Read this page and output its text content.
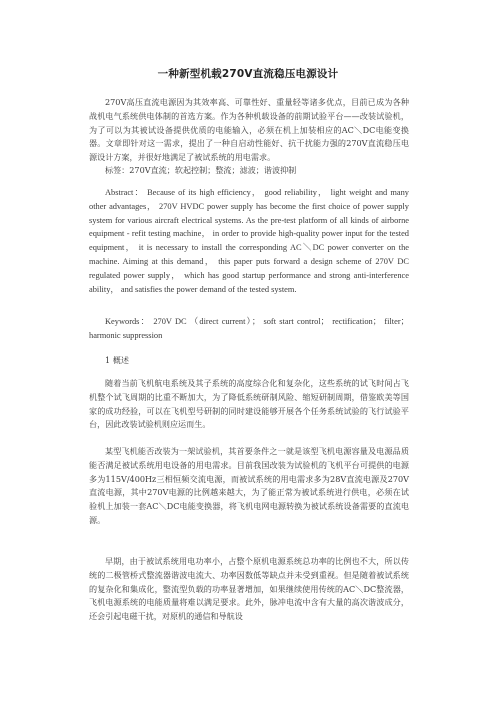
一种新型机载270V直流稳压电源设计

270V高压直流电源因为其效率高、可靠性好、重量轻等诸多优点，目前已成为各种战机电气系统供电体制的首选方案。作为各种机载设备的前期试验平台——改装试验机，为了可以为其被试设备提供优质的电能输入，必须在机上加装相应的AC＼DC电能变换器。文章即针对这一需求，提出了一种自启动性能好、抗干扰能力强的270V直流稳压电源设计方案，并很好地满足了被试系统的用电需求。

标签：270V直流；软起控制；整流；滤波；谐波抑制

Abstract： Because of its high efficiency， good reliability， light weight and many other advantages， 270V HVDC power supply has become the first choice of power supply system for various aircraft electrical systems. As the pre-test platform of all kinds of airborne equipment - refit testing machine， in order to provide high-quality power input for the tested equipment， it is necessary to install the corresponding AC＼DC power converter on the machine. Aiming at this demand， this paper puts forward a design scheme of 270V DC regulated power supply， which has good startup performance and strong anti-interference ability， and satisfies the power demand of the tested system.

Keywords： 270V DC （direct current）； soft start control； rectification； filter； harmonic suppression

1 概述

随着当前飞机航电系统及其子系统的高度综合化和复杂化，这些系统的试飞时间占飞机整个试飞周期的比重不断加大，为了降低系统研制风险、缩短研制周期，借鉴欧美等国家的成功经验，可以在飞机型号研制的同时建设能够开展各个任务系统试验的飞行试验平台，因此改装试验机则应运而生。

某型飞机能否改装为一架试验机，其首要条件之一就是该型飞机电源容量及电源品质能否满足被试系统用电设备的用电需求。目前我国改装为试验机的飞机平台可提供的电源多为115V/400Hz三相恒频交流电源，而被试系统的用电需求多为28V直流电源及270V直流电源，其中270V电源的比例越来越大，为了能正常为被试系统进行供电，必须在试验机上加装一套AC＼DC电能变换器，将飞机电网电源转换为被试系统设备需要的直流电源。

早期，由于被试系统用电功率小，占整个原机电源系统总功率的比例也不大，所以传统的二极管桥式整流器谐波电流大、功率因数低等缺点并未受到重视。但是随着被试系统的复杂化和集成化，整流型负载的功率显著增加，如果继续使用传统的AC＼DC整流器，飞机电源系统的电能质量将难以满足要求。此外，脉冲电流中含有大量的高次谐波成分，还会引起电磁干扰，对原机的通信和导航设
